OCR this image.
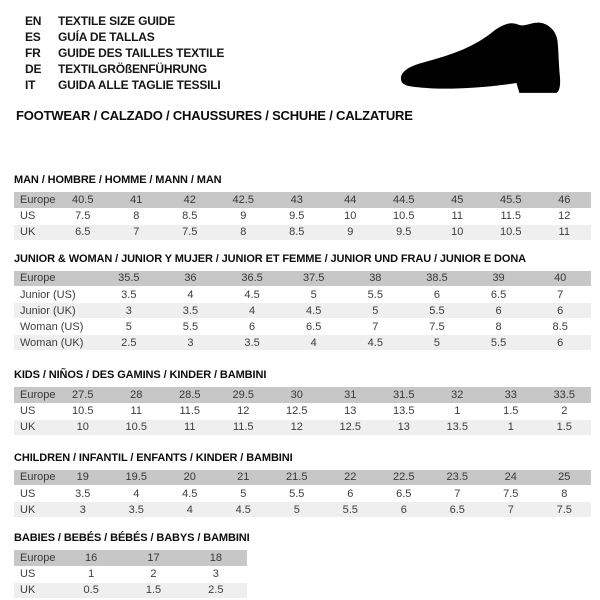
EN	TEXTILE SIZE GUIDE
ES	GUÍA DE TALLAS
FR	GUIDE DES TAILLES TEXTILE
DE	TEXTILGRÖßENFÜHRUNG
IT	GUIDA ALLE TAGLIE TESSILI
FOOTWEAR / CALZADO / CHAUSSURES / SCHUHE / CALZATURE
MAN / HOMBRE / HOMME / MANN / MAN
Europe	40.5	41	42	42.5	43	44	44.5	45	45.5	46
US	7.5	8	8.5	9	9.5	10	10.5	11	11.5	12
UK	6.5	7	7.5	8	8.5	9	9.5	10	10.5	11
JUNIOR & WOMAN / JUNIOR Y MUJER / JUNIOR ET FEMME / JUNIOR UND FRAU / JUNIOR E DONA
Europe	35.5	36	36.5	37.5	38	38.5	39	40
Junior (US)	3.5	4	4.5	5	5.5	6	6.5	7
Junior (UK)	3	3.5	4	4.5	5	5.5	6	6
Woman (US)	5	5.5	6	6.5	7	7.5	8	8.5
Woman (UK)	2.5	3	3.5	4	4.5	5	5.5	6
KIDS / NIÑOS / DES GAMINS / KINDER / BAMBINI
Europe	27.5	28	28.5	29.5	30	31	31.5	32	33	33.5
US	10.5	11	11.5	12	12.5	13	13.5	1	1.5	2
UK	10	10.5	11	11.5	12	12.5	13	13.5	1	1.5
CHILDREN / INFANTIL / ENFANTS / KINDER / BAMBINI
Europe	19	19.5	20	21	21.5	22	22.5	23.5	24	25
US	3.5	4	4.5	5	5.5	6	6.5	7	7.5	8
UK	3	3.5	4	4.5	5	5.5	6	6.5	7	7.5
BABIES / BEBÉS / BÉBÉS / BABYS / BAMBINI
Europe	16	17	18
US	1	2	3
UK	0.5	1.5	2.5
